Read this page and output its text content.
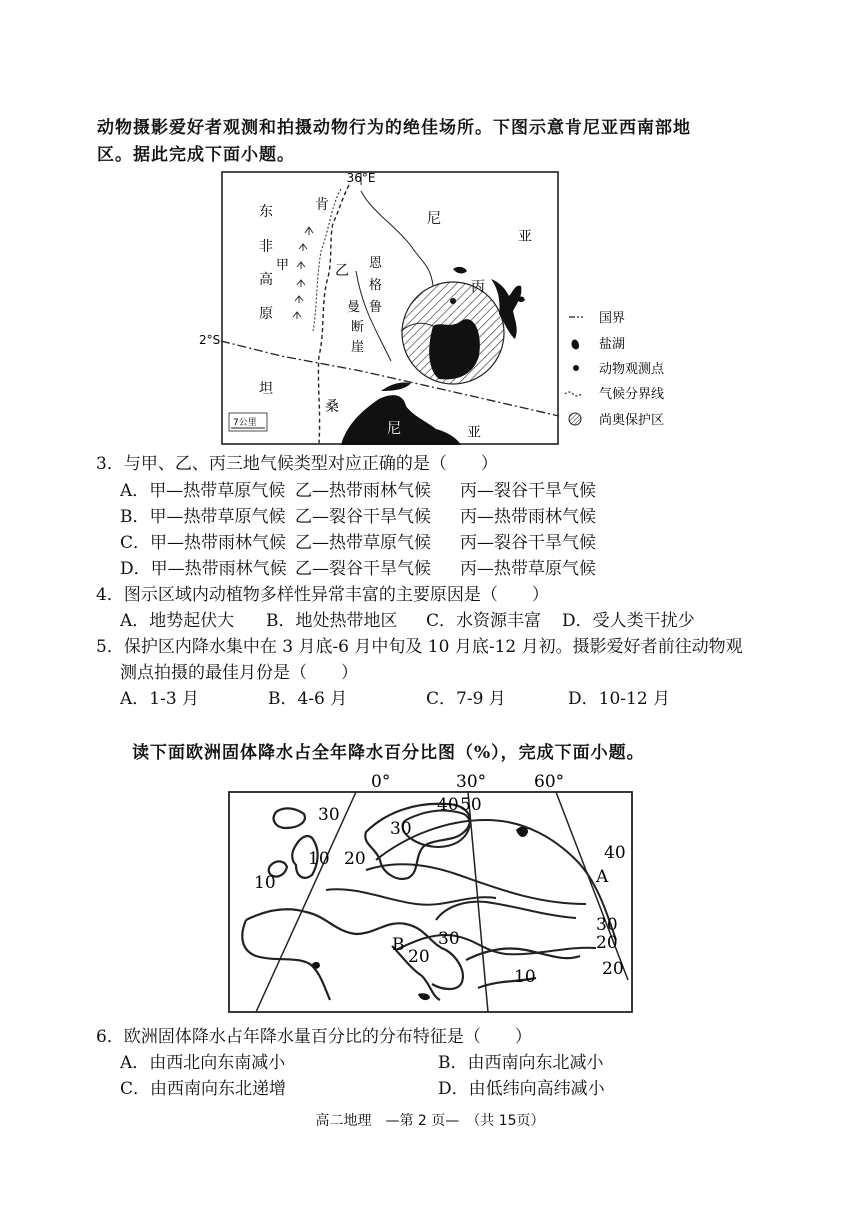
动物摄影爱好者观测和拍摄动物行为的绝佳场所。下图示意肯尼亚西南部地
区。据此完成下面小题。
36°E
2°S
东
非
高
原
肯
尼
亚
甲	乙
丙
恩
格
鲁
曼
断
崖
坦
桑
尼	亚
7公里
国界
盐湖
动物观测点
气候分界线
尚奥保护区
3．与甲、乙、丙三地气候类型对应正确的是（　　）
A．甲—热带草原气候 乙—热带雨林气候 丙—裂谷干旱气候
B．甲—热带草原气候 乙—裂谷干旱气候 丙—热带雨林气候
C．甲—热带雨林气候 乙—热带草原气候 丙—裂谷干旱气候
D．甲—热带雨林气候 乙—裂谷干旱气候 丙—热带草原气候
4．图示区域内动植物多样性异常丰富的主要原因是（　　）
A．地势起伏大 B．地处热带地区 C．水资源丰富 D．受人类干扰少
5．保护区内降水集中在 3 月底-6 月中旬及 10 月底-12 月初。摄影爱好者前往动物观
测点拍摄的最佳月份是（　　）
A．1-3 月	B．4-6 月	C．7-9 月	D．10-12 月
读下面欧洲固体降水占全年降水百分比图（%），完成下面小题。
0°	30°	60°
30	40 50
30
20
10
10
40
30
20
30
20
10	20
A
B
6．欧洲固体降水占年降水量百分比的分布特征是（　　）
A．由西北向东南减小	B．由西南向东北减小
C．由西南向东北递增	D．由低纬向高纬减小
高二地理　—第 2 页—　（共 15页）
